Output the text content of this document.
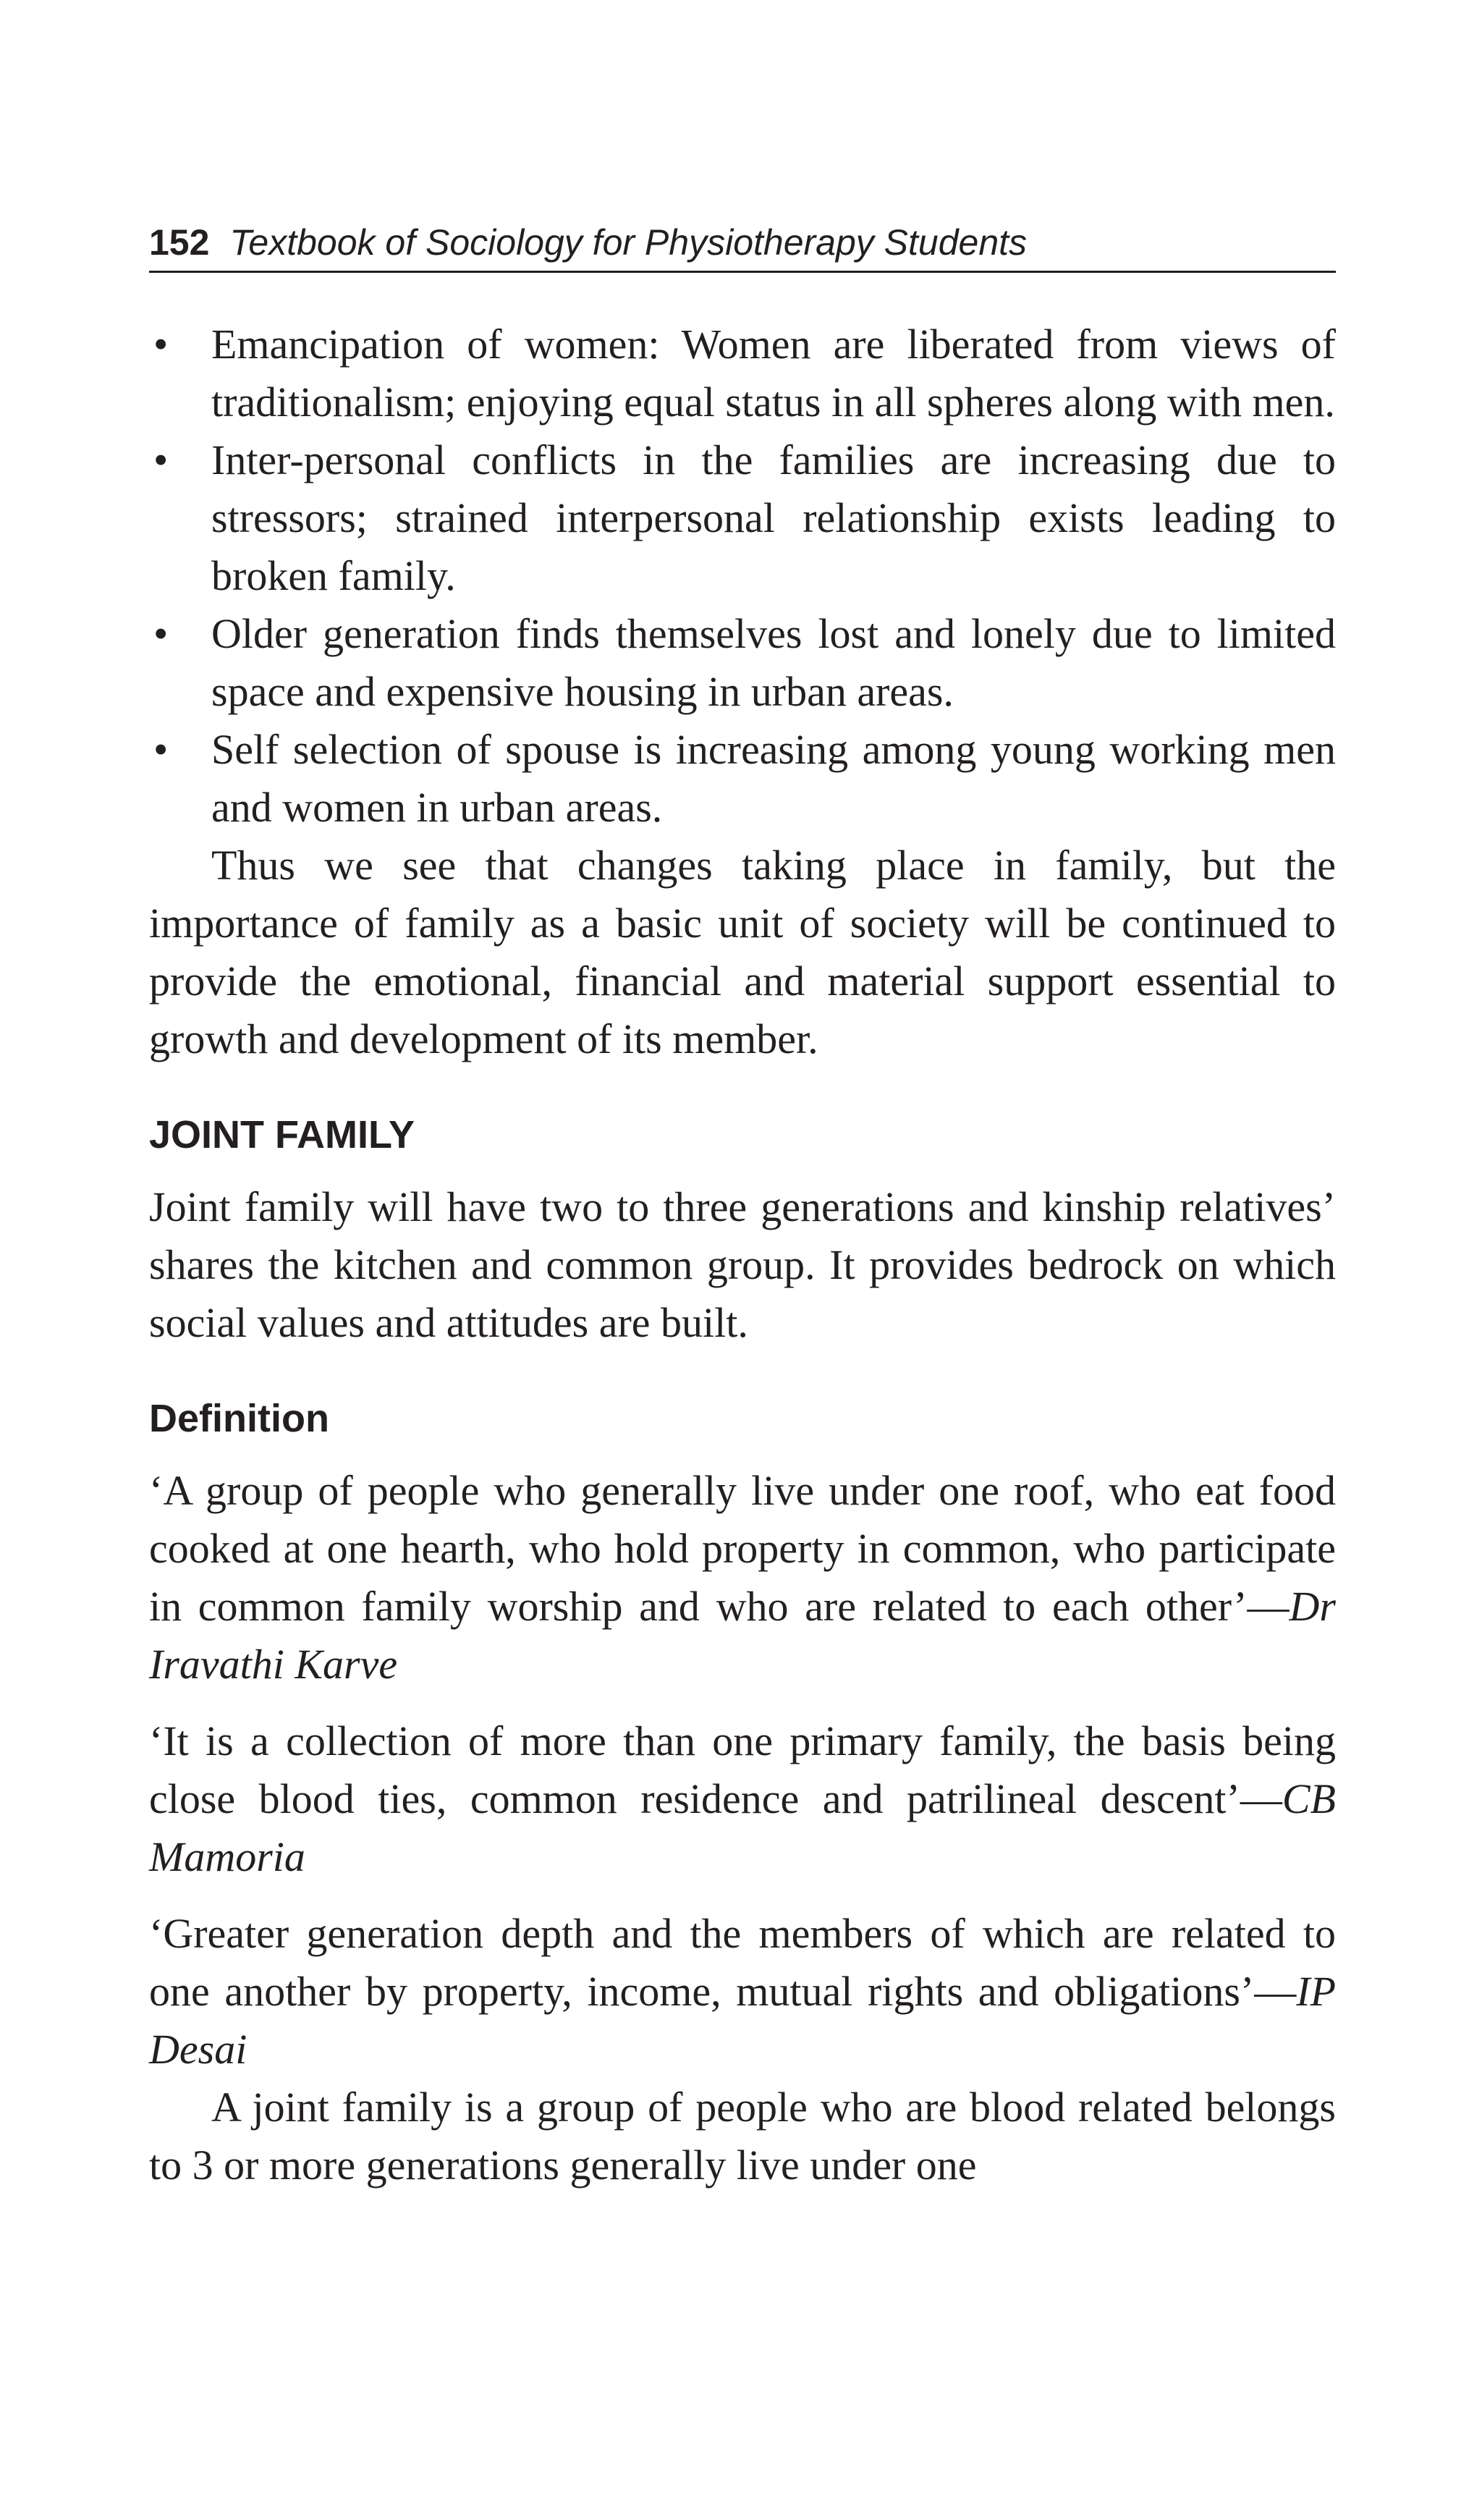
152 Textbook of Sociology for Physiotherapy Students
• Emancipation of women: Women are liberated from views of traditionalism; enjoying equal status in all spheres along with men.
• Inter-personal conflicts in the families are increasing due to stressors; strained interpersonal relationship exists leading to broken family.
• Older generation finds themselves lost and lonely due to limited space and expensive housing in urban areas.
• Self selection of spouse is increasing among young working men and women in urban areas.

Thus we see that changes taking place in family, but the importance of family as a basic unit of society will be continued to provide the emotional, financial and material support essential to growth and development of its member.

JOINT FAMILY

Joint family will have two to three generations and kinship relatives’ shares the kitchen and common group. It provides bedrock on which social values and attitudes are built.

Definition

‘A group of people who generally live under one roof, who eat food cooked at one hearth, who hold property in common, who participate in common family worship and who are related to each other’—Dr Iravathi Karve

‘It is a collection of more than one primary family, the basis being close blood ties, common residence and patrilineal descent’—CB Mamoria

‘Greater generation depth and the members of which are related to one another by property, income, mutual rights and obligations’—IP Desai

A joint family is a group of people who are blood related belongs to 3 or more generations generally live under one
